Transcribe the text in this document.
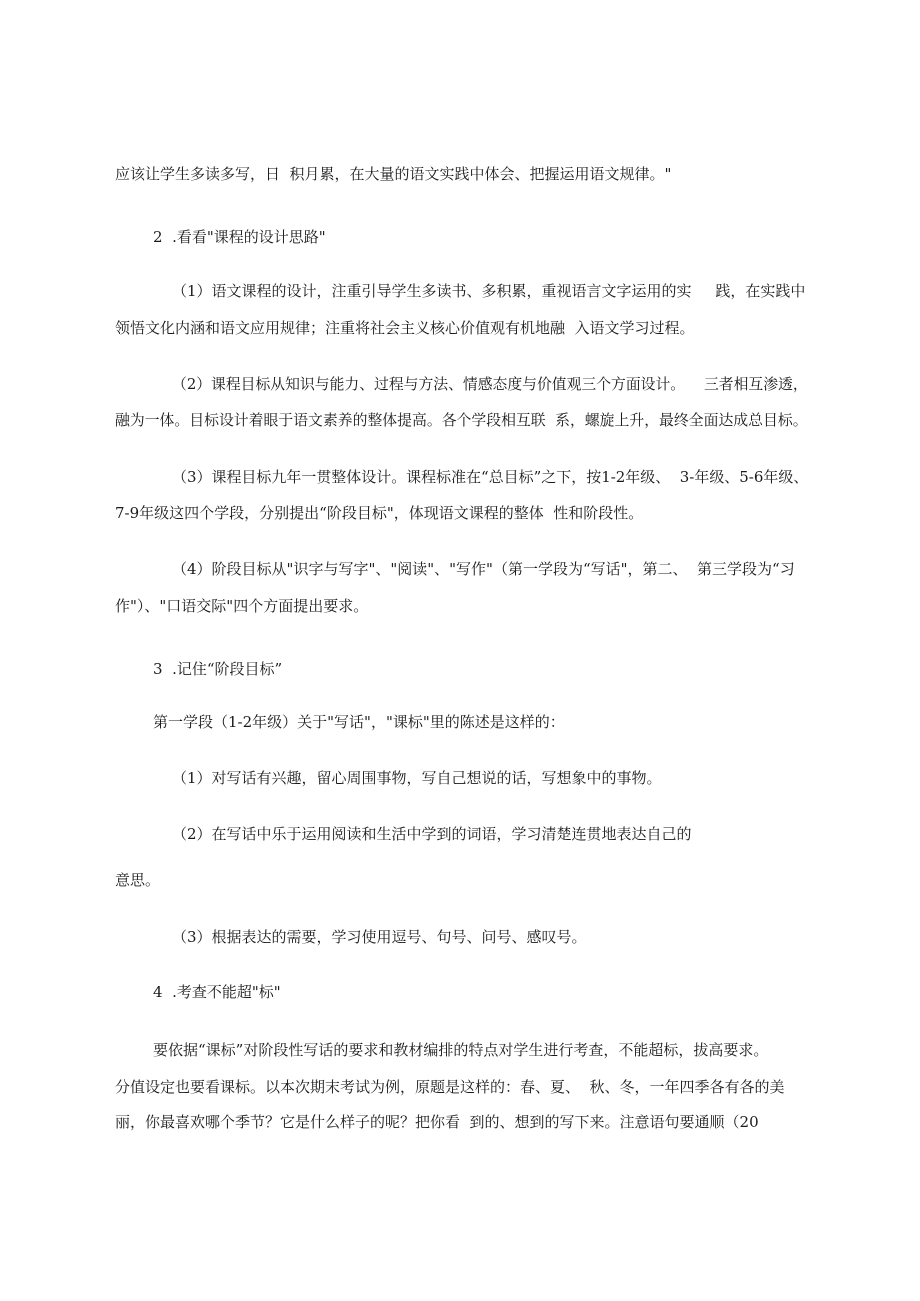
应该让学生多读多写，日  积月累，在大量的语文实践中体会、把握运用语文规律。"
2  .看看"课程的设计思路"
（1）语文课程的设计，注重引导学生多读书、多积累，重视语言文字运用的实     践，在实践中
领悟文化内涵和语文应用规律；注重将社会主义核心价值观有机地融  入语文学习过程。
（2）课程目标从知识与能力、过程与方法、情感态度与价值观三个方面设计。    三者相互渗透，
融为一体。目标设计着眼于语文素养的整体提高。各个学段相互联  系，螺旋上升，最终全面达成总目标。
（3）课程目标九年一贯整体设计。课程标准在“总目标”之下，按1-2年级、  3-年级、5-6年级、
7-9年级这四个学段，分别提出“阶段目标"，体现语文课程的整体  性和阶段性。
（4）阶段目标从"识字与写字"、"阅读"、"写作"（第一学段为“写话"，第二、  第三学段为“习
作"）、"口语交际"四个方面提出要求。
3  .记住“阶段目标”
第一学段（1-2年级）关于"写话"，"课标"里的陈述是这样的：
（1）对写话有兴趣，留心周围事物，写自己想说的话，写想象中的事物。
（2）在写话中乐于运用阅读和生活中学到的词语，学习清楚连贯地表达自己的
意思。
（3）根据表达的需要，学习使用逗号、句号、问号、感叹号。
4  .考查不能超"标"
要依据“课标”对阶段性写话的要求和教材编排的特点对学生进行考查，不能超标，拔高要求。
分值设定也要看课标。以本次期末考试为例，原题是这样的：春、夏、  秋、冬，一年四季各有各的美
丽，你最喜欢哪个季节？它是什么样子的呢？把你看  到的、想到的写下来。注意语句要通顺（20
